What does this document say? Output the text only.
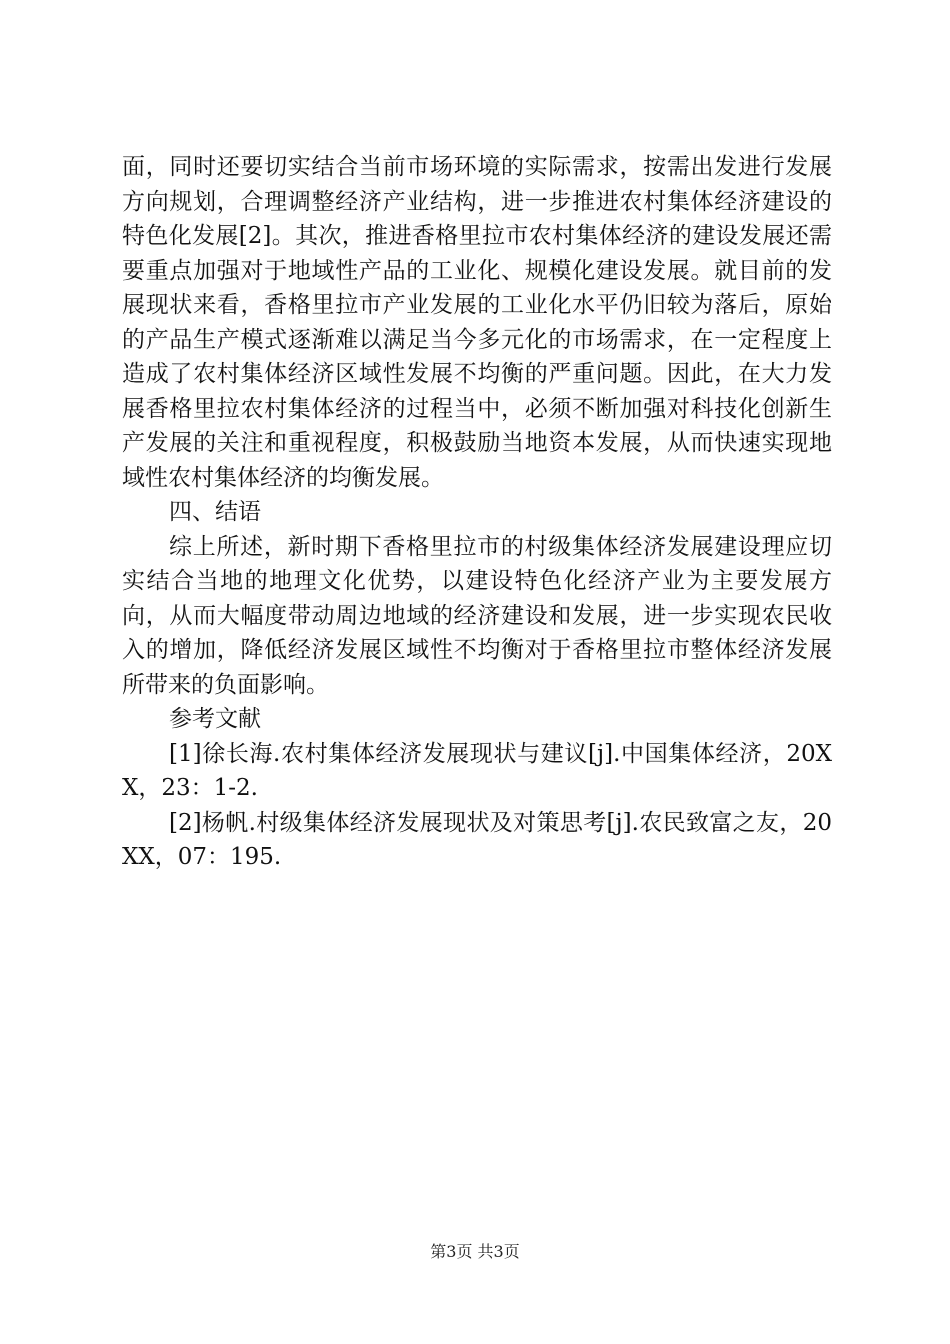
面，同时还要切实结合当前市场环境的实际需求，按需出发进行发展方向规划，合理调整经济产业结构，进一步推进农村集体经济建设的特色化发展[2]。其次，推进香格里拉市农村集体经济的建设发展还需要重点加强对于地域性产品的工业化、规模化建设发展。就目前的发展现状来看，香格里拉市产业发展的工业化水平仍旧较为落后，原始的产品生产模式逐渐难以满足当今多元化的市场需求，在一定程度上造成了农村集体经济区域性发展不均衡的严重问题。因此，在大力发展香格里拉农村集体经济的过程当中，必须不断加强对科技化创新生产发展的关注和重视程度，积极鼓励当地资本发展，从而快速实现地域性农村集体经济的均衡发展。

四、结语

综上所述，新时期下香格里拉市的村级集体经济发展建设理应切实结合当地的地理文化优势，以建设特色化经济产业为主要发展方向，从而大幅度带动周边地域的经济建设和发展，进一步实现农民收入的增加，降低经济发展区域性不均衡对于香格里拉市整体经济发展所带来的负面影响。

参考文献

[1]徐长海.农村集体经济发展现状与建议[j].中国集体经济，20XX，23：1-2.

[2]杨帆.村级集体经济发展现状及对策思考[j].农民致富之友，20XX，07：195.

第3页 共3页
